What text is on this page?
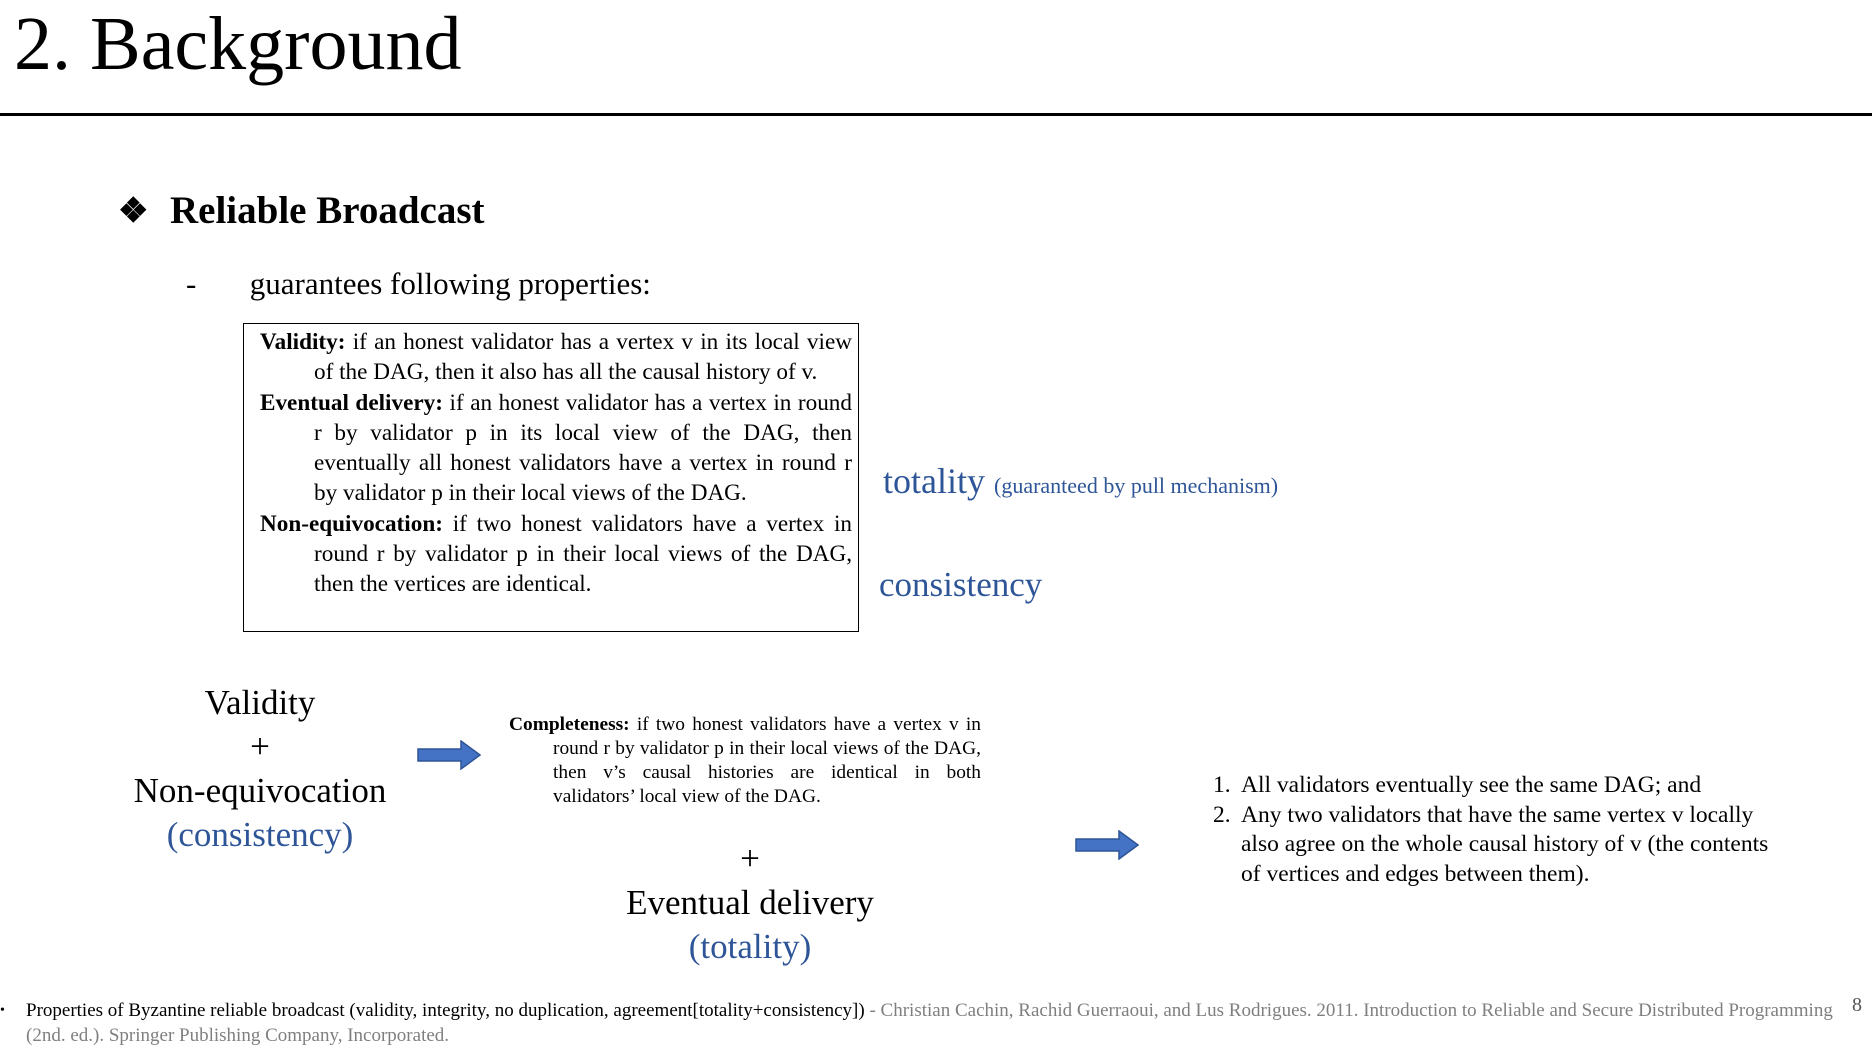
2. Background
❖ Reliable Broadcast
- guarantees following properties:
Validity: if an honest validator has a vertex v in its local view of the DAG, then it also has all the causal history of v.
Eventual delivery: if an honest validator has a vertex in round r by validator p in its local view of the DAG, then eventually all honest validators have a vertex in round r by validator p in their local views of the DAG.
Non-equivocation: if two honest validators have a vertex in round r by validator p in their local views of the DAG, then the vertices are identical.
totality (guaranteed by pull mechanism)
consistency
Validity
+
Non-equivocation
(consistency)
Completeness: if two honest validators have a vertex v in round r by validator p in their local views of the DAG, then v’s causal histories are identical in both validators’ local view of the DAG.
+
Eventual delivery
(totality)
1. All validators eventually see the same DAG; and
2. Any two validators that have the same vertex v locally also agree on the whole causal history of v (the contents of vertices and edges between them).
•	Properties of Byzantine reliable broadcast (validity, integrity, no duplication, agreement[totality+consistency]) - Christian Cachin, Rachid Guerraoui, and Lus Rodrigues. 2011. Introduction to Reliable and Secure Distributed Programming (2nd. ed.). Springer Publishing Company, Incorporated.
8
